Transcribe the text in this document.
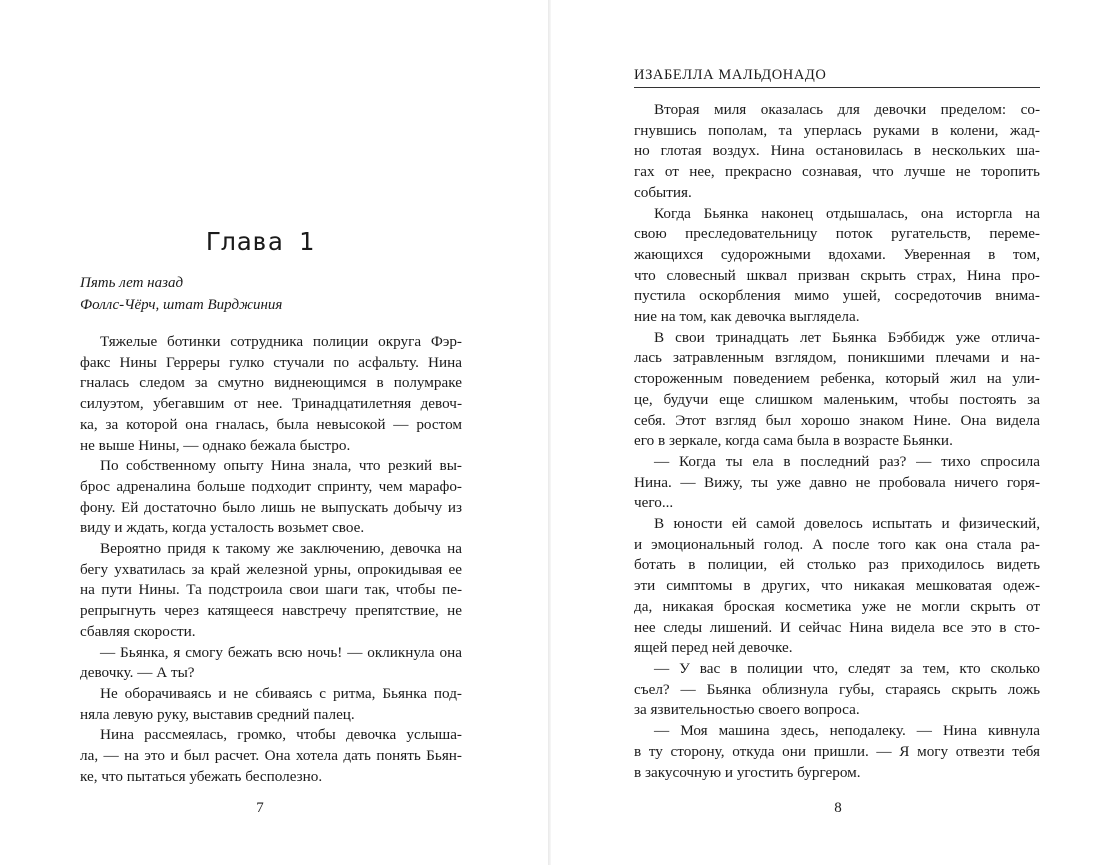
Глава 1
Пять лет назад
Фоллс-Чёрч, штат Вирджиния
Тяжелые ботинки сотрудника полиции округа Фэр-
факс Нины Герреры гулко стучали по асфальту. Нина
гналась следом за смутно виднеющимся в полумраке
силуэтом, убегавшим от нее. Тринадцатилетняя девоч-
ка, за которой она гналась, была невысокой — ростом
не выше Нины, — однако бежала быстро.
По собственному опыту Нина знала, что резкий вы-
брос адреналина больше подходит спринту, чем марафо-
фону. Ей достаточно было лишь не выпускать добычу из
виду и ждать, когда усталость возьмет свое.
Вероятно придя к такому же заключению, девочка на
бегу ухватилась за край железной урны, опрокидывая ее
на пути Нины. Та подстроила свои шаги так, чтобы пе-
репрыгнуть через катящееся навстречу препятствие, не
сбавляя скорости.
— Бьянка, я смогу бежать всю ночь! — окликнула она
девочку. — А ты?
Не оборачиваясь и не сбиваясь с ритма, Бьянка под-
няла левую руку, выставив средний палец.
Нина рассмеялась, громко, чтобы девочка услыша-
ла, — на это и был расчет. Она хотела дать понять Бьян-
ке, что пытаться убежать бесполезно.
7
ИЗАБЕЛЛА МАЛЬДОНАДО
Вторая миля оказалась для девочки пределом: со-
гнувшись пополам, та уперлась руками в колени, жад-
но глотая воздух. Нина остановилась в нескольких ша-
гах от нее, прекрасно сознавая, что лучше не торопить
события.
Когда Бьянка наконец отдышалась, она исторгла на
свою преследовательницу поток ругательств, переме-
жающихся судорожными вдохами. Уверенная в том,
что словесный шквал призван скрыть страх, Нина про-
пустила оскорбления мимо ушей, сосредоточив внима-
ние на том, как девочка выглядела.
В свои тринадцать лет Бьянка Бэббидж уже отлича-
лась затравленным взглядом, поникшими плечами и на-
стороженным поведением ребенка, который жил на ули-
це, будучи еще слишком маленьким, чтобы постоять за
себя. Этот взгляд был хорошо знаком Нине. Она видела
его в зеркале, когда сама была в возрасте Бьянки.
— Когда ты ела в последний раз? — тихо спросила
Нина. — Вижу, ты уже давно не пробовала ничего горя-
чего...
В юности ей самой довелось испытать и физический,
и эмоциональный голод. А после того как она стала ра-
ботать в полиции, ей столько раз приходилось видеть
эти симптомы в других, что никакая мешковатая одеж-
да, никакая броская косметика уже не могли скрыть от
нее следы лишений. И сейчас Нина видела все это в сто-
ящей перед ней девочке.
— У вас в полиции что, следят за тем, кто сколько
съел? — Бьянка облизнула губы, стараясь скрыть ложь
за язвительностью своего вопроса.
— Моя машина здесь, неподалеку. — Нина кивнула
в ту сторону, откуда они пришли. — Я могу отвезти тебя
в закусочную и угостить бургером.
8
